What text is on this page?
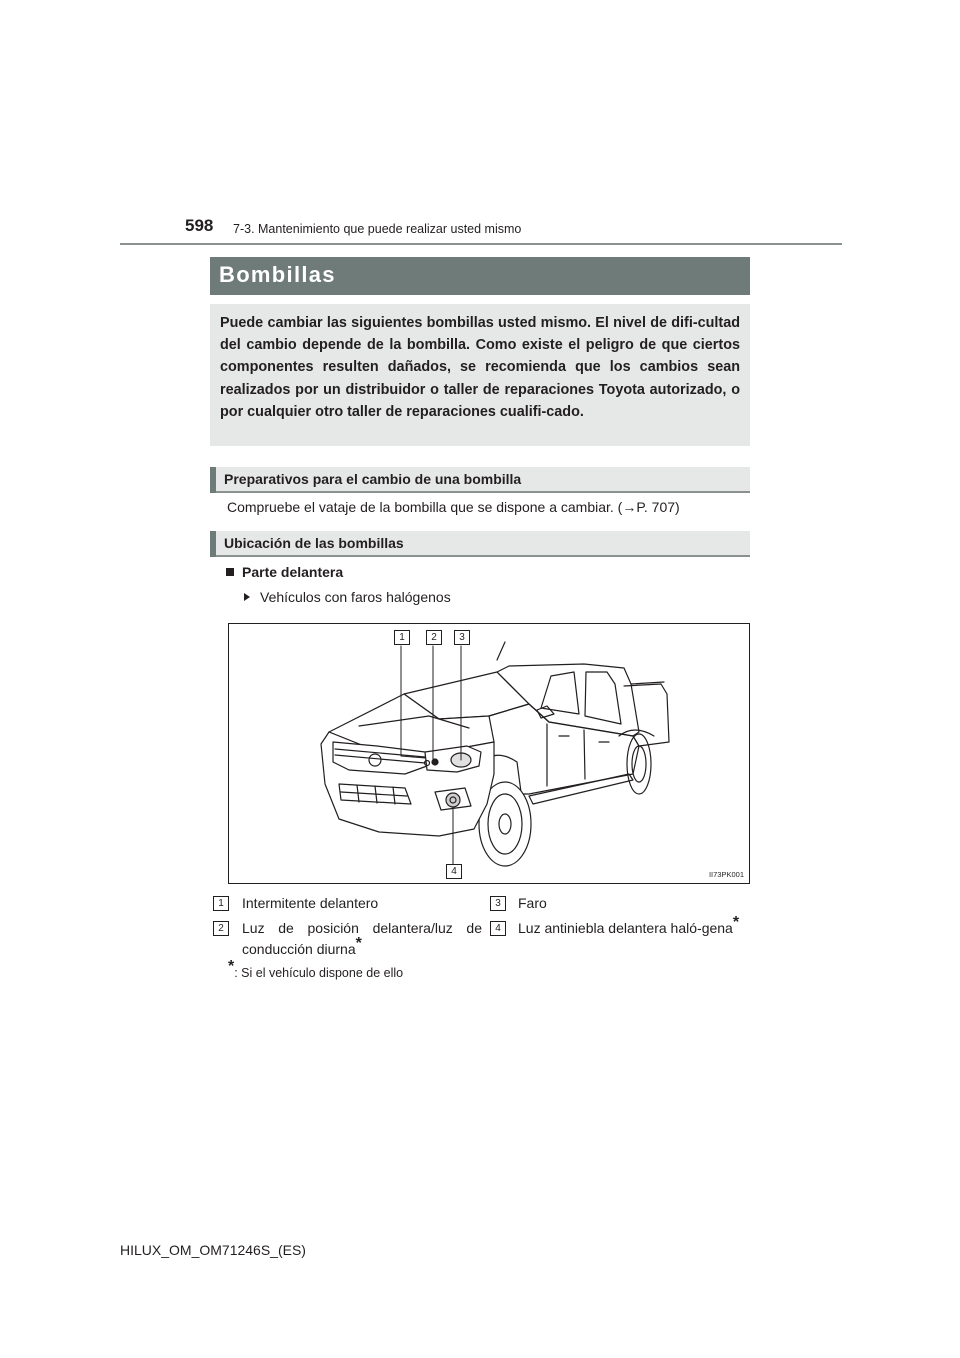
598 7-3. Mantenimiento que puede realizar usted mismo
Bombillas
Puede cambiar las siguientes bombillas usted mismo. El nivel de difi-cultad del cambio depende de la bombilla. Como existe el peligro de que ciertos componentes resulten dañados, se recomienda que los cambios sean realizados por un distribuidor o taller de reparaciones Toyota autorizado, o por cualquier otro taller de reparaciones cualifi-cado.
Preparativos para el cambio de una bombilla
Compruebe el vataje de la bombilla que se dispone a cambiar. (→P. 707)
Ubicación de las bombillas
Parte delantera
Vehículos con faros halógenos
1	2	3
4	II73PK001
1	Intermitente delantero
2	Luz de posición delantera/luz de conducción diurna*
3	Faro
4	Luz antiniebla delantera haló-gena*
*: Si el vehículo dispone de ello
HILUX_OM_OM71246S_(ES)
